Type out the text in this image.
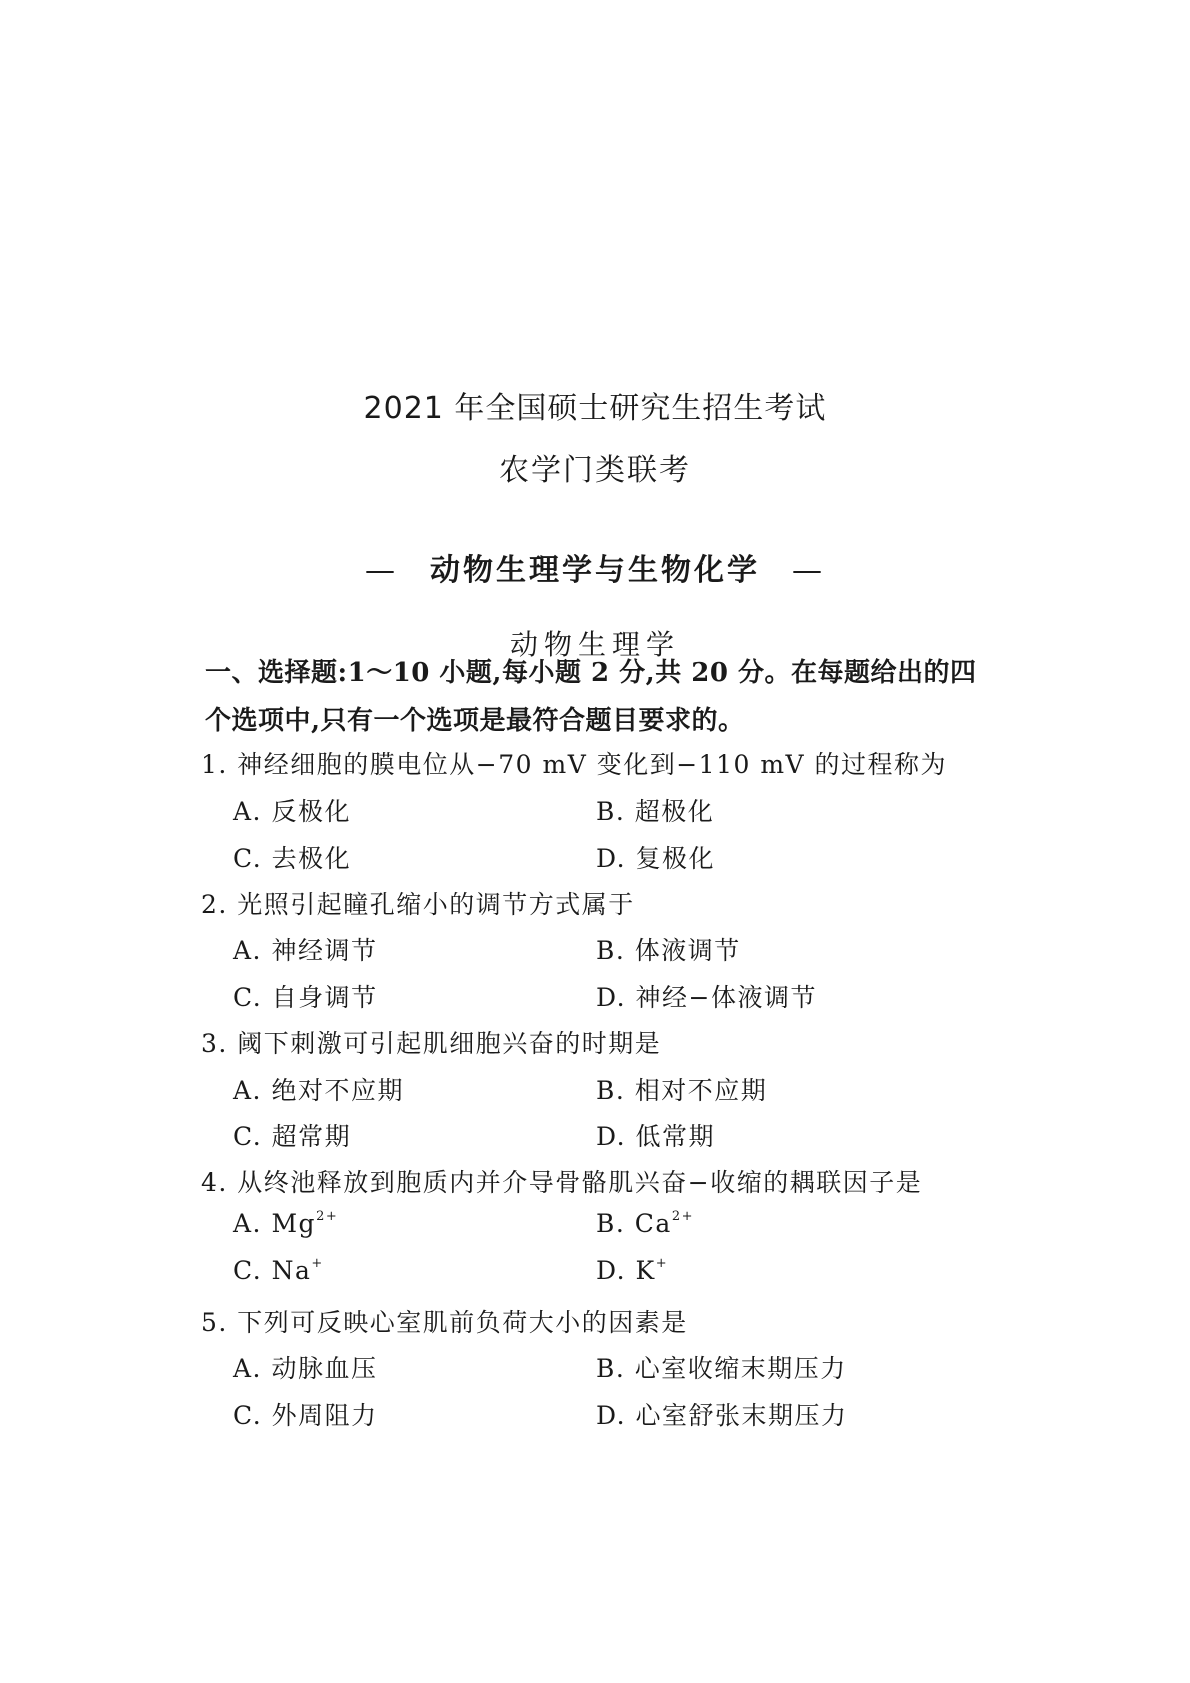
2021 年全国硕士研究生招生考试
农学门类联考
— 动物生理学与生物化学 —
动物生理学
一、选择题:1～10 小题,每小题 2 分,共 20 分。在每题给出的四
个选项中,只有一个选项是最符合题目要求的。
1. 神经细胞的膜电位从−70 mV 变化到−110 mV 的过程称为
A. 反极化	B. 超极化
C. 去极化	D. 复极化
2. 光照引起瞳孔缩小的调节方式属于
A. 神经调节	B. 体液调节
C. 自身调节	D. 神经−体液调节
3. 阈下刺激可引起肌细胞兴奋的时期是
A. 绝对不应期	B. 相对不应期
C. 超常期	D. 低常期
4. 从终池释放到胞质内并介导骨骼肌兴奋−收缩的耦联因子是
A. $Mg^{2+}$	B. $Ca^{2+}$
C. Na+	D. K+
5. 下列可反映心室肌前负荷大小的因素是
A. 动脉血压	B. 心室收缩末期压力
C. 外周阻力	D. 心室舒张末期压力
